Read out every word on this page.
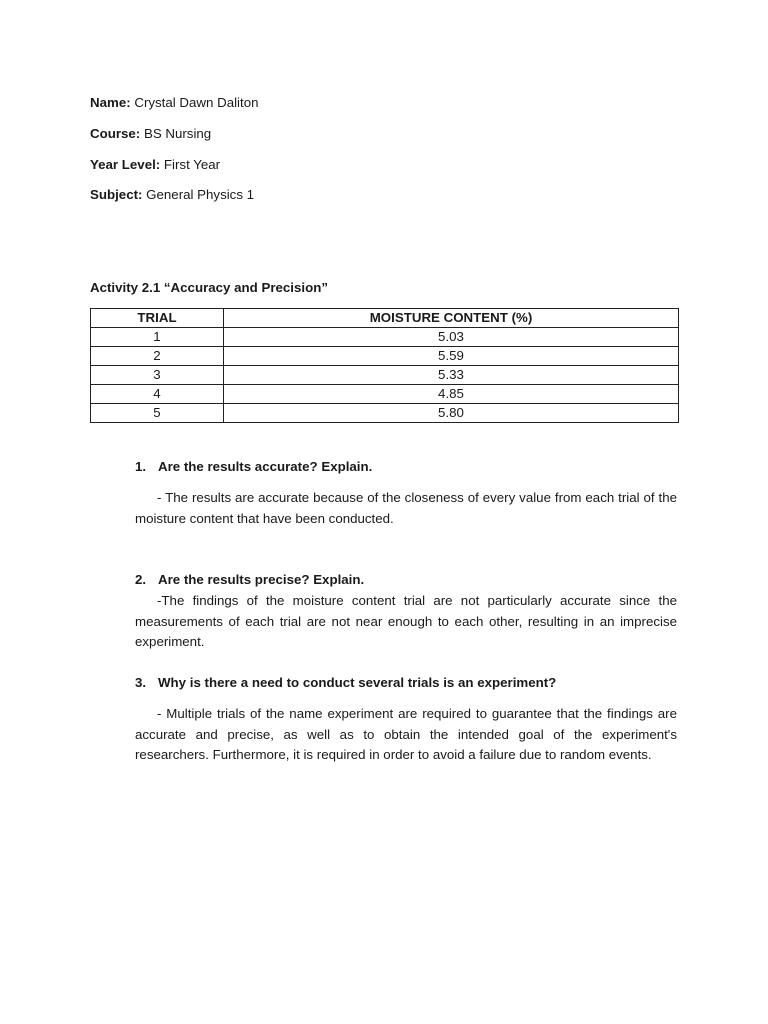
Name: Crystal Dawn Daliton
Course: BS Nursing
Year Level: First Year
Subject: General Physics 1
Activity 2.1 “Accuracy and Precision”
TRIAL	MOISTURE CONTENT (%)
1	5.03
2	5.59
3	5.33
4	4.85
5	5.80
1. Are the results accurate? Explain.
- The results are accurate because of the closeness of every value from each trial of the moisture content that have been conducted.
2. Are the results precise? Explain.
-The findings of the moisture content trial are not particularly accurate since the measurements of each trial are not near enough to each other, resulting in an imprecise experiment.
3. Why is there a need to conduct several trials is an experiment?
- Multiple trials of the name experiment are required to guarantee that the findings are accurate and precise, as well as to obtain the intended goal of the experiment's researchers. Furthermore, it is required in order to avoid a failure due to random events.
